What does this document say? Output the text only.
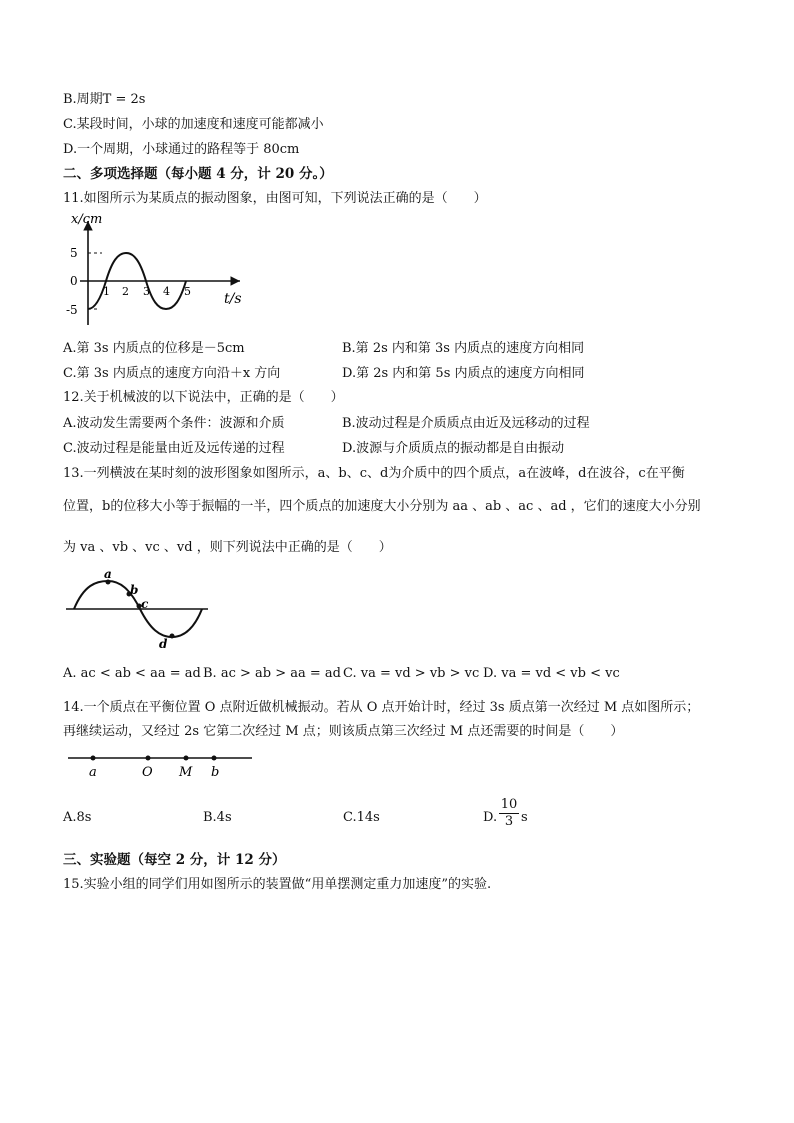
B.周期T = 2s
C.某段时间，小球的加速度和速度可能都减小
D.一个周期，小球通过的路程等于 80cm
二、多项选择题（每小题 4 分，计 20 分。）
11.如图所示为某质点的振动图象，由图可知，下列说法正确的是（　　）
x/cm
5
0
-5
1 2 3 4 5 t/s
A.第 3s 内质点的位移是－5cm	B.第 2s 内和第 3s 内质点的速度方向相同
C.第 3s 内质点的速度方向沿＋x 方向	D.第 2s 内和第 5s 内质点的速度方向相同
12.关于机械波的以下说法中，正确的是（　　）
A.波动发生需要两个条件：波源和介质	B.波动过程是介质质点由近及远移动的过程
C.波动过程是能量由近及远传递的过程	D.波源与介质质点的振动都是自由振动
13.一列横波在某时刻的波形图象如图所示，a、b、c、d为介质中的四个质点，a在波峰，d在波谷，c在平衡
位置，b的位移大小等于振幅的一半，四个质点的加速度大小分别为 aa 、ab 、ac 、ad ，它们的速度大小分别
为 va 、vb 、vc 、vd ，则下列说法中正确的是（　　）
a
b
c
d
A. ac < ab < aa = ad B. ac > ab > aa = ad C. va = vd > vb > vc D. va = vd < vb < vc
14.一个质点在平衡位置 O 点附近做机械振动。若从 O 点开始计时，经过 3s 质点第一次经过 M 点如图所示；
再继续运动，又经过 2s 它第二次经过 M 点；则该质点第三次经过 M 点还需要的时间是（　　）
a	O M b
A.8s	B.4s	C.14s	D. $\frac{10}{3}$ s
三、实验题（每空 2 分，计 12 分）
15.实验小组的同学们用如图所示的装置做“用单摆测定重力加速度”的实验.
